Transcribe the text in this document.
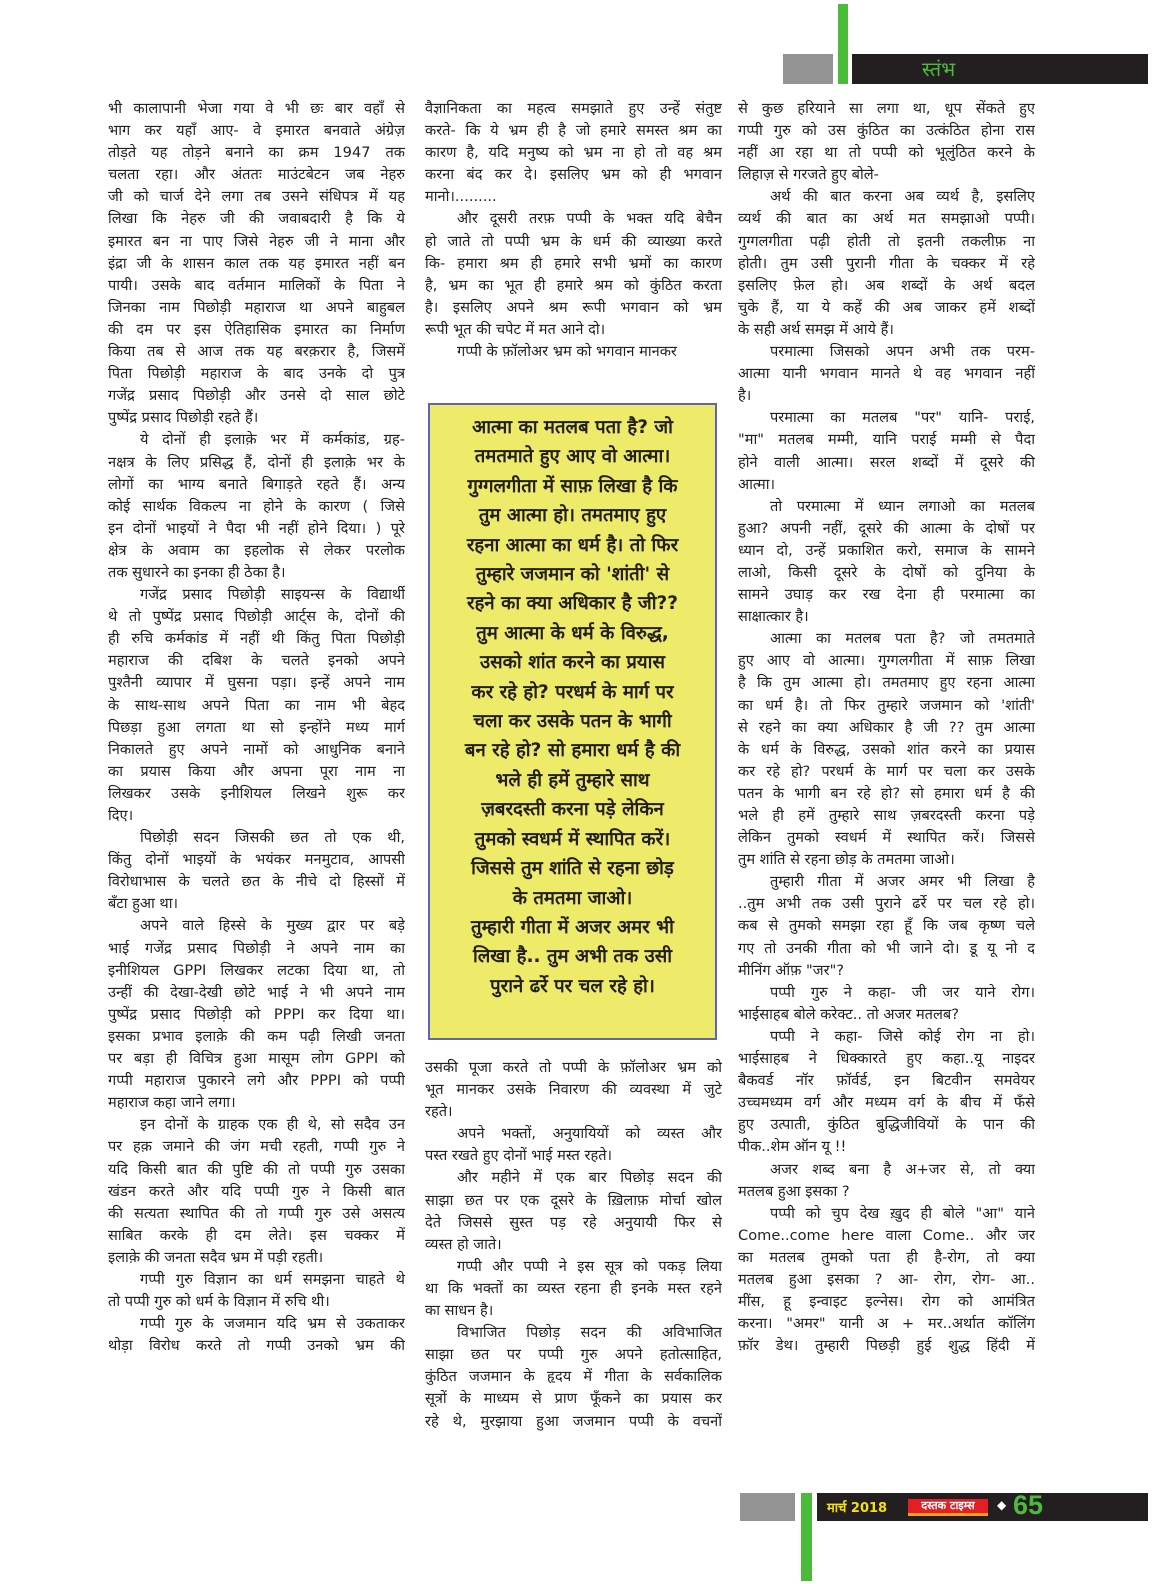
स्तंभ
भी कालापानी भेजा गया वे भी छः बार वहाँ से
भाग कर यहाँ आए- वे इमारत बनवाते अंग्रेज़
तोड़ते यह तोड़ने बनाने का क्रम 1947 तक
चलता रहा। और अंततः माउंटबेटन जब नेहरु
जी को चार्ज देने लगा तब उसने संधिपत्र में यह
लिखा कि नेहरु जी की जवाबदारी है कि ये
इमारत बन ना पाए जिसे नेहरु जी ने माना और
इंद्रा जी के शासन काल तक यह इमारत नहीं बन
पायी। उसके बाद वर्तमान मालिकों के पिता ने
जिनका नाम पिछोड़ी महाराज था अपने बाहुबल
की दम पर इस ऐतिहासिक इमारत का निर्माण
किया तब से आज तक यह बरक़रार है, जिसमें
पिता पिछोड़ी महाराज के बाद उनके दो पुत्र
गजेंद्र प्रसाद पिछोड़ी और उनसे दो साल छोटे
पुष्पेंद्र प्रसाद पिछोड़ी रहते हैं।
ये दोनों ही इलाक़े भर में कर्मकांड, ग्रह-
नक्षत्र के लिए प्रसिद्ध हैं, दोनों ही इलाक़े भर के
लोगों का भाग्य बनाते बिगाड़ते रहते हैं। अन्य
कोई सार्थक विकल्प ना होने के कारण ( जिसे
इन दोनों भाइयों ने पैदा भी नहीं होने दिया। ) पूरे
क्षेत्र के अवाम का इहलोक से लेकर परलोक
तक सुधारने का इनका ही ठेका है।
गजेंद्र प्रसाद पिछोड़ी साइयन्स के विद्यार्थी
थे तो पुष्पेंद्र प्रसाद पिछोड़ी आर्ट्स के, दोनों की
ही रुचि कर्मकांड में नहीं थी किंतु पिता पिछोड़ी
महाराज की दबिश के चलते इनको अपने
पुश्तैनी व्यापार में घुसना पड़ा। इन्हें अपने नाम
के साथ-साथ अपने पिता का नाम भी बेहद
पिछड़ा हुआ लगता था सो इन्होंने मध्य मार्ग
निकालते हुए अपने नामों को आधुनिक बनाने
का प्रयास किया और अपना पूरा नाम ना
लिखकर उसके इनीशियल लिखने शुरू कर
दिए।
पिछोड़ी सदन जिसकी छत तो एक थी,
किंतु दोनों भाइयों के भयंकर मनमुटाव, आपसी
विरोधाभास के चलते छत के नीचे दो हिस्सों में
बँटा हुआ था।
अपने वाले हिस्से के मुख्य द्वार पर बड़े
भाई गजेंद्र प्रसाद पिछोड़ी ने अपने नाम का
इनीशियल GPPI लिखकर लटका दिया था, तो
उन्हीं की देखा-देखी छोटे भाई ने भी अपने नाम
पुष्पेंद्र प्रसाद पिछोड़ी को PPPI कर दिया था।
इसका प्रभाव इलाक़े की कम पढ़ी लिखी जनता
पर बड़ा ही विचित्र हुआ मासूम लोग GPPI को
गप्पी महाराज पुकारने लगे और PPPI को पप्पी
महाराज कहा जाने लगा।
इन दोनों के ग्राहक एक ही थे, सो सदैव उन
पर हक़ जमाने की जंग मची रहती, गप्पी गुरु ने
यदि किसी बात की पुष्टि की तो पप्पी गुरु उसका
खंडन करते और यदि पप्पी गुरु ने किसी बात
की सत्यता स्थापित की तो गप्पी गुरु उसे असत्य
साबित करके ही दम लेते। इस चक्कर में
इलाक़े की जनता सदैव भ्रम में पड़ी रहती।
गप्पी गुरु विज्ञान का धर्म समझना चाहते थे
तो पप्पी गुरु को धर्म के विज्ञान में रुचि थी।
गप्पी गुरु के जजमान यदि भ्रम से उकताकर
थोड़ा विरोध करते तो गप्पी उनको भ्रम की
वैज्ञानिकता का महत्व समझाते हुए उन्हें संतुष्ट
करते- कि ये भ्रम ही है जो हमारे समस्त श्रम का
कारण है, यदि मनुष्य को भ्रम ना हो तो वह श्रम
करना बंद कर दे। इसलिए भ्रम को ही भगवान
मानो।.........
और दूसरी तरफ़ पप्पी के भक्त यदि बेचैन
हो जाते तो पप्पी भ्रम के धर्म की व्याख्या करते
कि- हमारा श्रम ही हमारे सभी भ्रमों का कारण
है, भ्रम का भूत ही हमारे श्रम को कुंठित करता
है। इसलिए अपने श्रम रूपी भगवान को भ्रम
रूपी भूत की चपेट में मत आने दो।
गप्पी के फ़ॉलोअर भ्रम को भगवान मानकर
आत्मा का मतलब पता है? जो
तमतमाते हुए आए वो आत्मा।
गुग्गलगीता में साफ़ लिखा है कि
तुम आत्मा हो। तमतमाए हुए
रहना आत्मा का धर्म है। तो फिर
तुम्हारे जजमान को 'शांती' से
रहने का क्या अधिकार है जी??
तुम आत्मा के धर्म के विरुद्ध,
उसको शांत करने का प्रयास
कर रहे हो? परधर्म के मार्ग पर
चला कर उसके पतन के भागी
बन रहे हो? सो हमारा धर्म है की
भले ही हमें तुम्हारे साथ
ज़बरदस्ती करना पड़े लेकिन
तुमको स्वधर्म में स्थापित करें।
जिससे तुम शांति से रहना छोड़
के तमतमा जाओ।
तुम्हारी गीता में अजर अमर भी
लिखा है.. तुम अभी तक उसी
पुराने ढर्रे पर चल रहे हो।
उसकी पूजा करते तो पप्पी के फ़ॉलोअर भ्रम को
भूत मानकर उसके निवारण की व्यवस्था में जुटे
रहते।
अपने भक्तों, अनुयायियों को व्यस्त और
पस्त रखते हुए दोनों भाई मस्त रहते।
और महीने में एक बार पिछोड़ सदन की
साझा छत पर एक दूसरे के ख़िलाफ़ मोर्चा खोल
देते जिससे सुस्त पड़ रहे अनुयायी फिर से
व्यस्त हो जाते।
गप्पी और पप्पी ने इस सूत्र को पकड़ लिया
था कि भक्तों का व्यस्त रहना ही इनके मस्त रहने
का साधन है।
विभाजित पिछोड़ सदन की अविभाजित
साझा छत पर पप्पी गुरु अपने हतोत्साहित,
कुंठित जजमान के हृदय में गीता के सर्वकालिक
सूत्रों के माध्यम से प्राण फूँकने का प्रयास कर
रहे थे, मुरझाया हुआ जजमान पप्पी के वचनों
से कुछ हरियाने सा लगा था, धूप सेंकते हुए
गप्पी गुरु को उस कुंठित का उत्कंठित होना रास
नहीं आ रहा था तो पप्पी को भूलुंठित करने के
लिहाज़ से गरजते हुए बोले-
अर्थ की बात करना अब व्यर्थ है, इसलिए
व्यर्थ की बात का अर्थ मत समझाओ पप्पी।
गुग्गलगीता पढ़ी होती तो इतनी तकलीफ़ ना
होती। तुम उसी पुरानी गीता के चक्कर में रहे
इसलिए फ़ेल हो। अब शब्दों के अर्थ बदल
चुके हैं, या ये कहें की अब जाकर हमें शब्दों
के सही अर्थ समझ में आये हैं।
परमात्मा जिसको अपन अभी तक परम-
आत्मा यानी भगवान मानते थे वह भगवान नहीं
है।
परमात्मा का मतलब "पर" यानि- पराई,
"मा" मतलब मम्मी, यानि पराई मम्मी से पैदा
होने वाली आत्मा। सरल शब्दों में दूसरे की
आत्मा।
तो परमात्मा में ध्यान लगाओ का मतलब
हुआ? अपनी नहीं, दूसरे की आत्मा के दोषों पर
ध्यान दो, उन्हें प्रकाशित करो, समाज के सामने
लाओ, किसी दूसरे के दोषों को दुनिया के
सामने उघाड़ कर रख देना ही परमात्मा का
साक्षात्कार है।
आत्मा का मतलब पता है? जो तमतमाते
हुए आए वो आत्मा। गुग्गलगीता में साफ़ लिखा
है कि तुम आत्मा हो। तमतमाए हुए रहना आत्मा
का धर्म है। तो फिर तुम्हारे जजमान को 'शांती'
से रहने का क्या अधिकार है जी ?? तुम आत्मा
के धर्म के विरुद्ध, उसको शांत करने का प्रयास
कर रहे हो? परधर्म के मार्ग पर चला कर उसके
पतन के भागी बन रहे हो? सो हमारा धर्म है की
भले ही हमें तुम्हारे साथ ज़बरदस्ती करना पड़े
लेकिन तुमको स्वधर्म में स्थापित करें। जिससे
तुम शांति से रहना छोड़ के तमतमा जाओ।
तुम्हारी गीता में अजर अमर भी लिखा है
..तुम अभी तक उसी पुराने ढर्रे पर चल रहे हो।
कब से तुमको समझा रहा हूँ कि जब कृष्ण चले
गए तो उनकी गीता को भी जाने दो। डू यू नो द
मीनिंग ऑफ़ "जर"?
पप्पी गुरु ने कहा- जी जर याने रोग।
भाईसाहब बोले करेक्ट.. तो अजर मतलब?
पप्पी ने कहा- जिसे कोई रोग ना हो।
भाईसाहब ने धिक्कारते हुए कहा..यू नाइदर
बैकवर्ड नॉर फ़ॉर्वर्ड, इन बिटवीन समवेयर
उच्चमध्यम वर्ग और मध्यम वर्ग के बीच में फँसे
हुए उत्पाती, कुंठित बुद्धिजीवियों के पान की
पीक..शेम ऑन यू !!
अजर शब्द बना है अ+जर से, तो क्या
मतलब हुआ इसका ?
पप्पी को चुप देख ख़ुद ही बोले "आ" याने
Come..come here वाला Come.. और जर
का मतलब तुमको पता ही है-रोग, तो क्या
मतलब हुआ इसका ? आ- रोग, रोग- आ..
मींस, हू इन्वाइट इल्नेस। रोग को आमंत्रित
करना। "अमर" यानी अ + मर..अर्थात कॉलिंग
फ़ॉर डेथ। तुम्हारी पिछड़ी हुई शुद्ध हिंदी में
मार्च 2018	दस्तक टाइम्स	◆ 65
